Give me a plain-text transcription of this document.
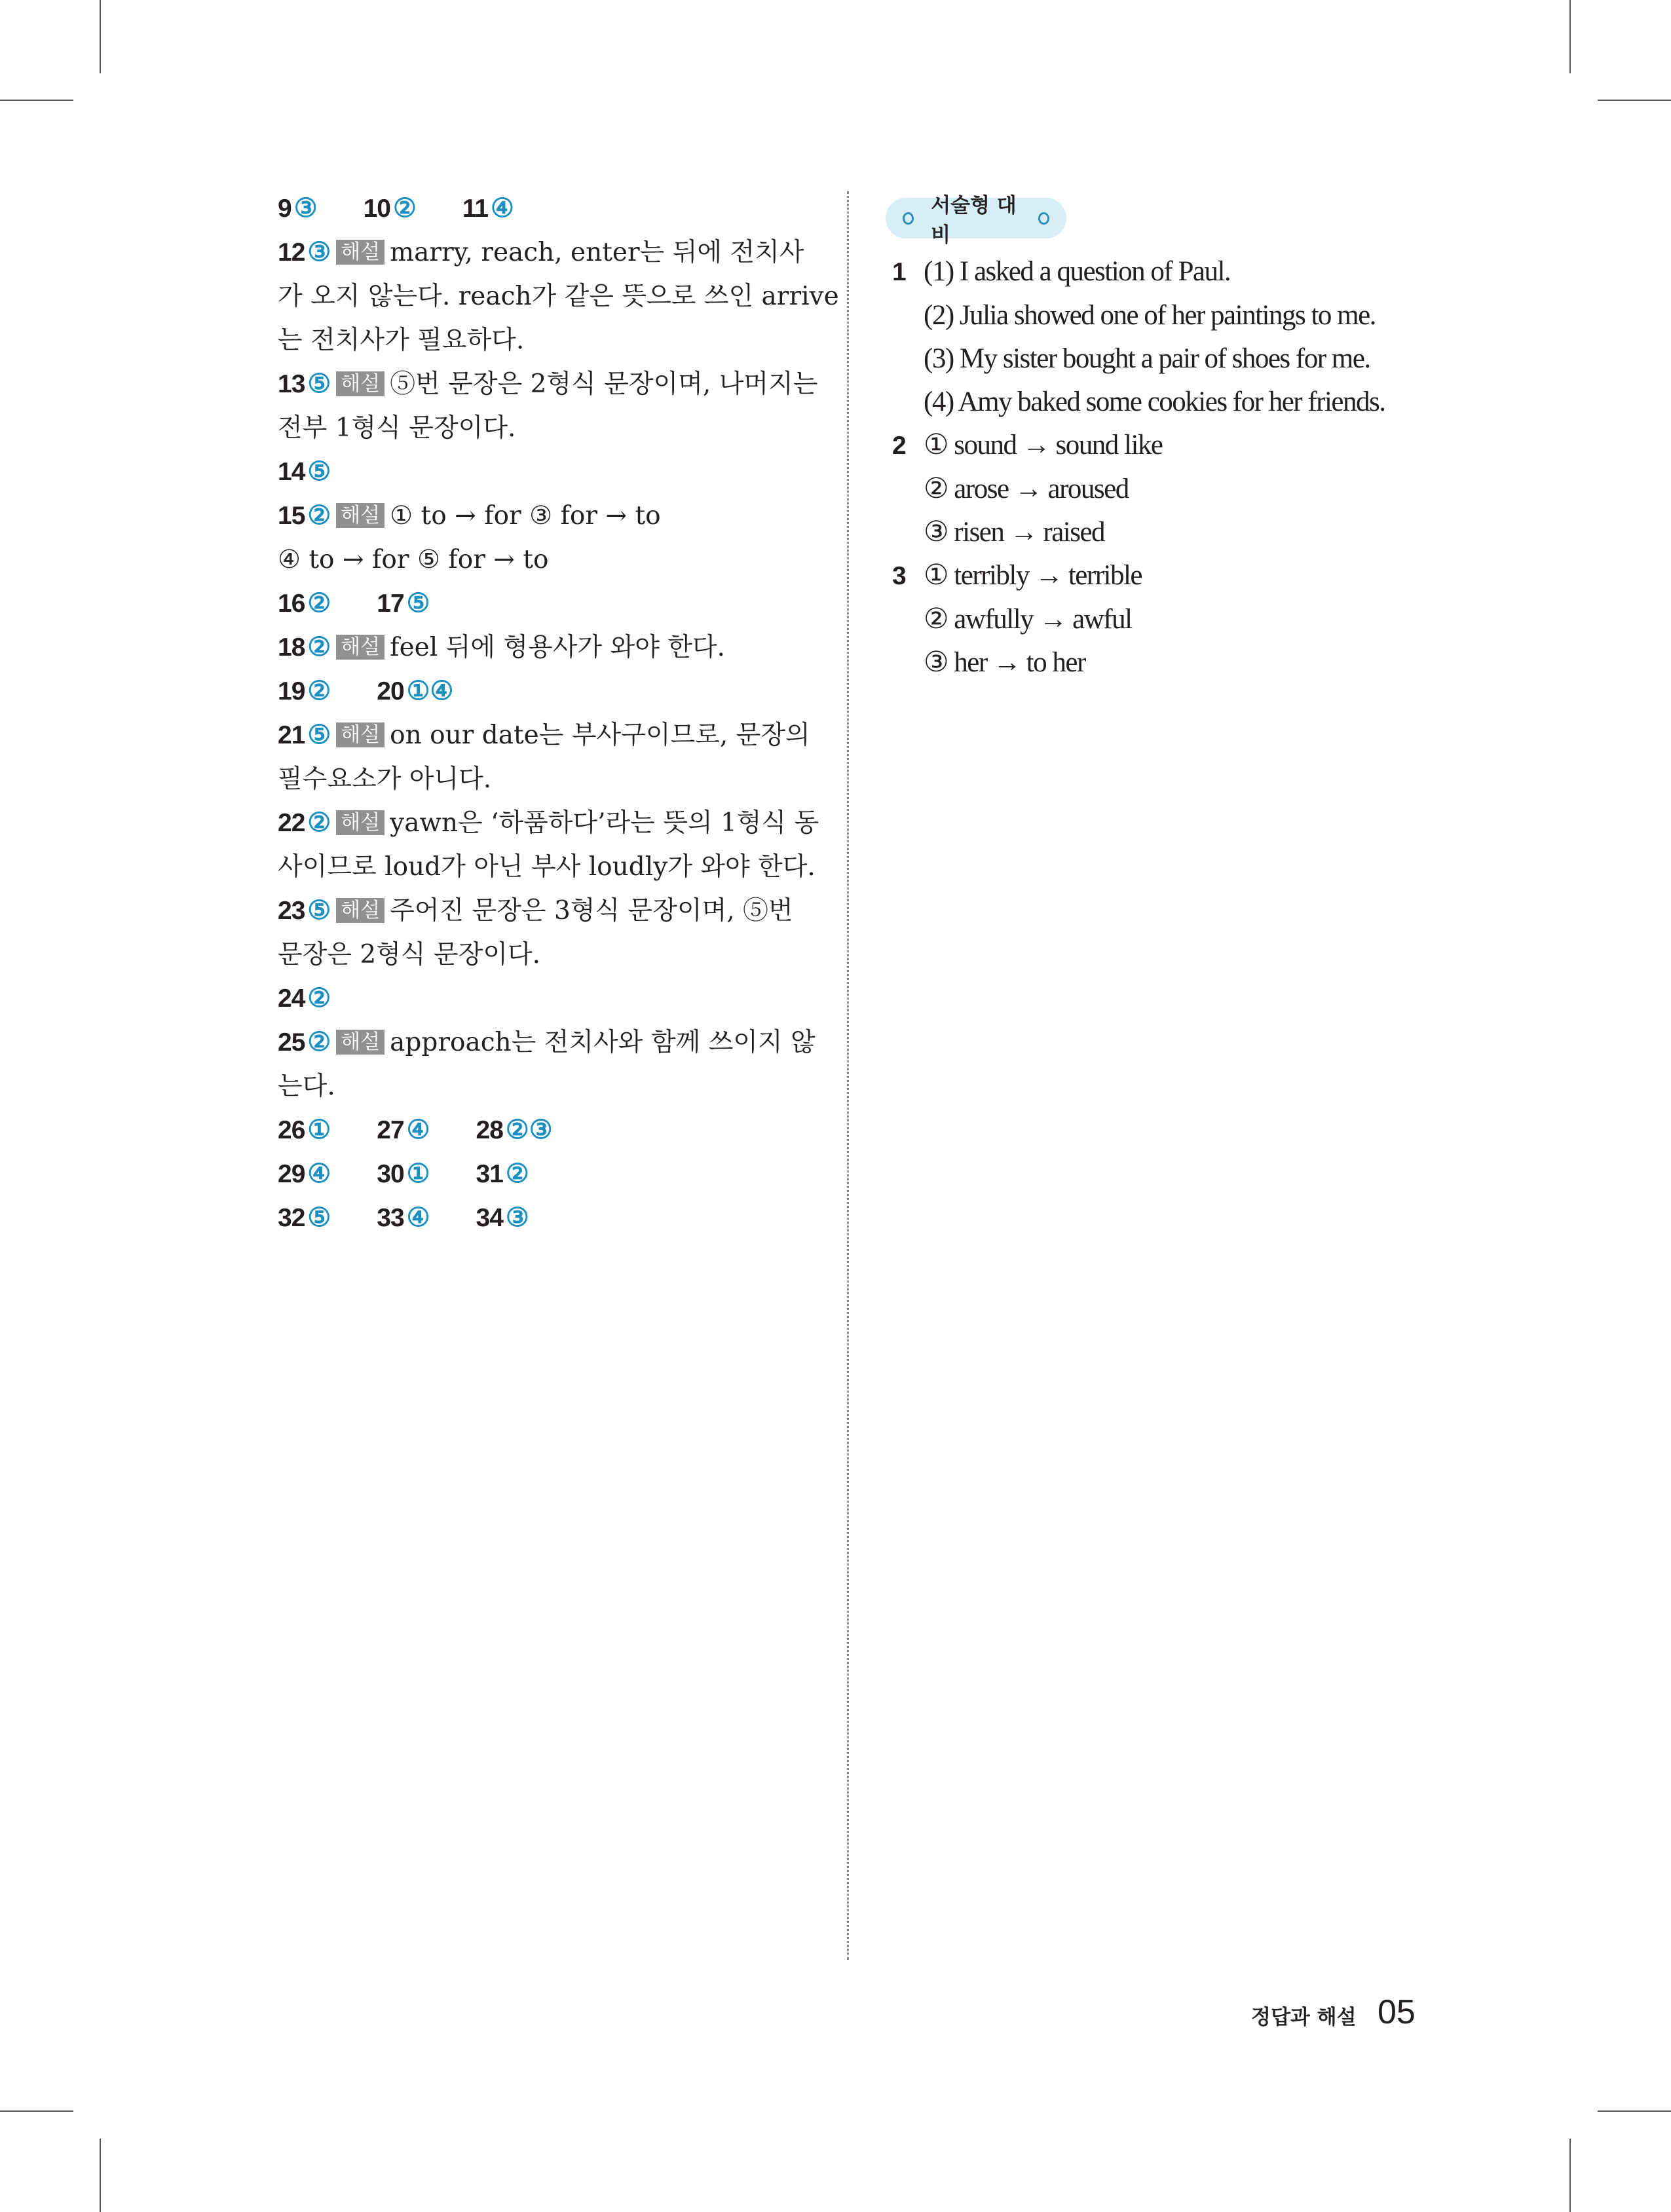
9 ③ 10 ② 11 ④
12 ③ 해설 marry, reach, enter는 뒤에 전치사
가 오지 않는다. reach가 같은 뜻으로 쓰인 arrive
는 전치사가 필요하다.
13 ⑤ 해설 ⑤번 문장은 2형식 문장이며, 나머지는
전부 1형식 문장이다.
14 ⑤
15 ② 해설 ① to → for ③ for → to
④ to → for ⑤ for → to
16 ② 17 ⑤
18 ② 해설 feel 뒤에 형용사가 와야 한다.
19 ② 20 ①④
21 ⑤ 해설 on our date는 부사구이므로, 문장의
필수요소가 아니다.
22 ② 해설 yawn은 ‘하품하다’라는 뜻의 1형식 동
사이므로 loud가 아닌 부사 loudly가 와야 한다.
23 ⑤ 해설 주어진 문장은 3형식 문장이며, ⑤번
문장은 2형식 문장이다.
24 ②
25 ② 해설 approach는 전치사와 함께 쓰이지 않
는다.
26 ① 27 ④ 28 ②③
29 ④ 30 ① 31 ②
32 ⑤ 33 ④ 34 ③
서술형 대비
1 (1) I asked a question of Paul.
(2) Julia showed one of her paintings to me.
(3) My sister bought a pair of shoes for me.
(4) Amy baked some cookies for her friends.
2 ① sound → sound like
② arose → aroused
③ risen → raised
3 ① terribly → terrible
② awfully → awful
③ her → to her
정답과 해설 05
